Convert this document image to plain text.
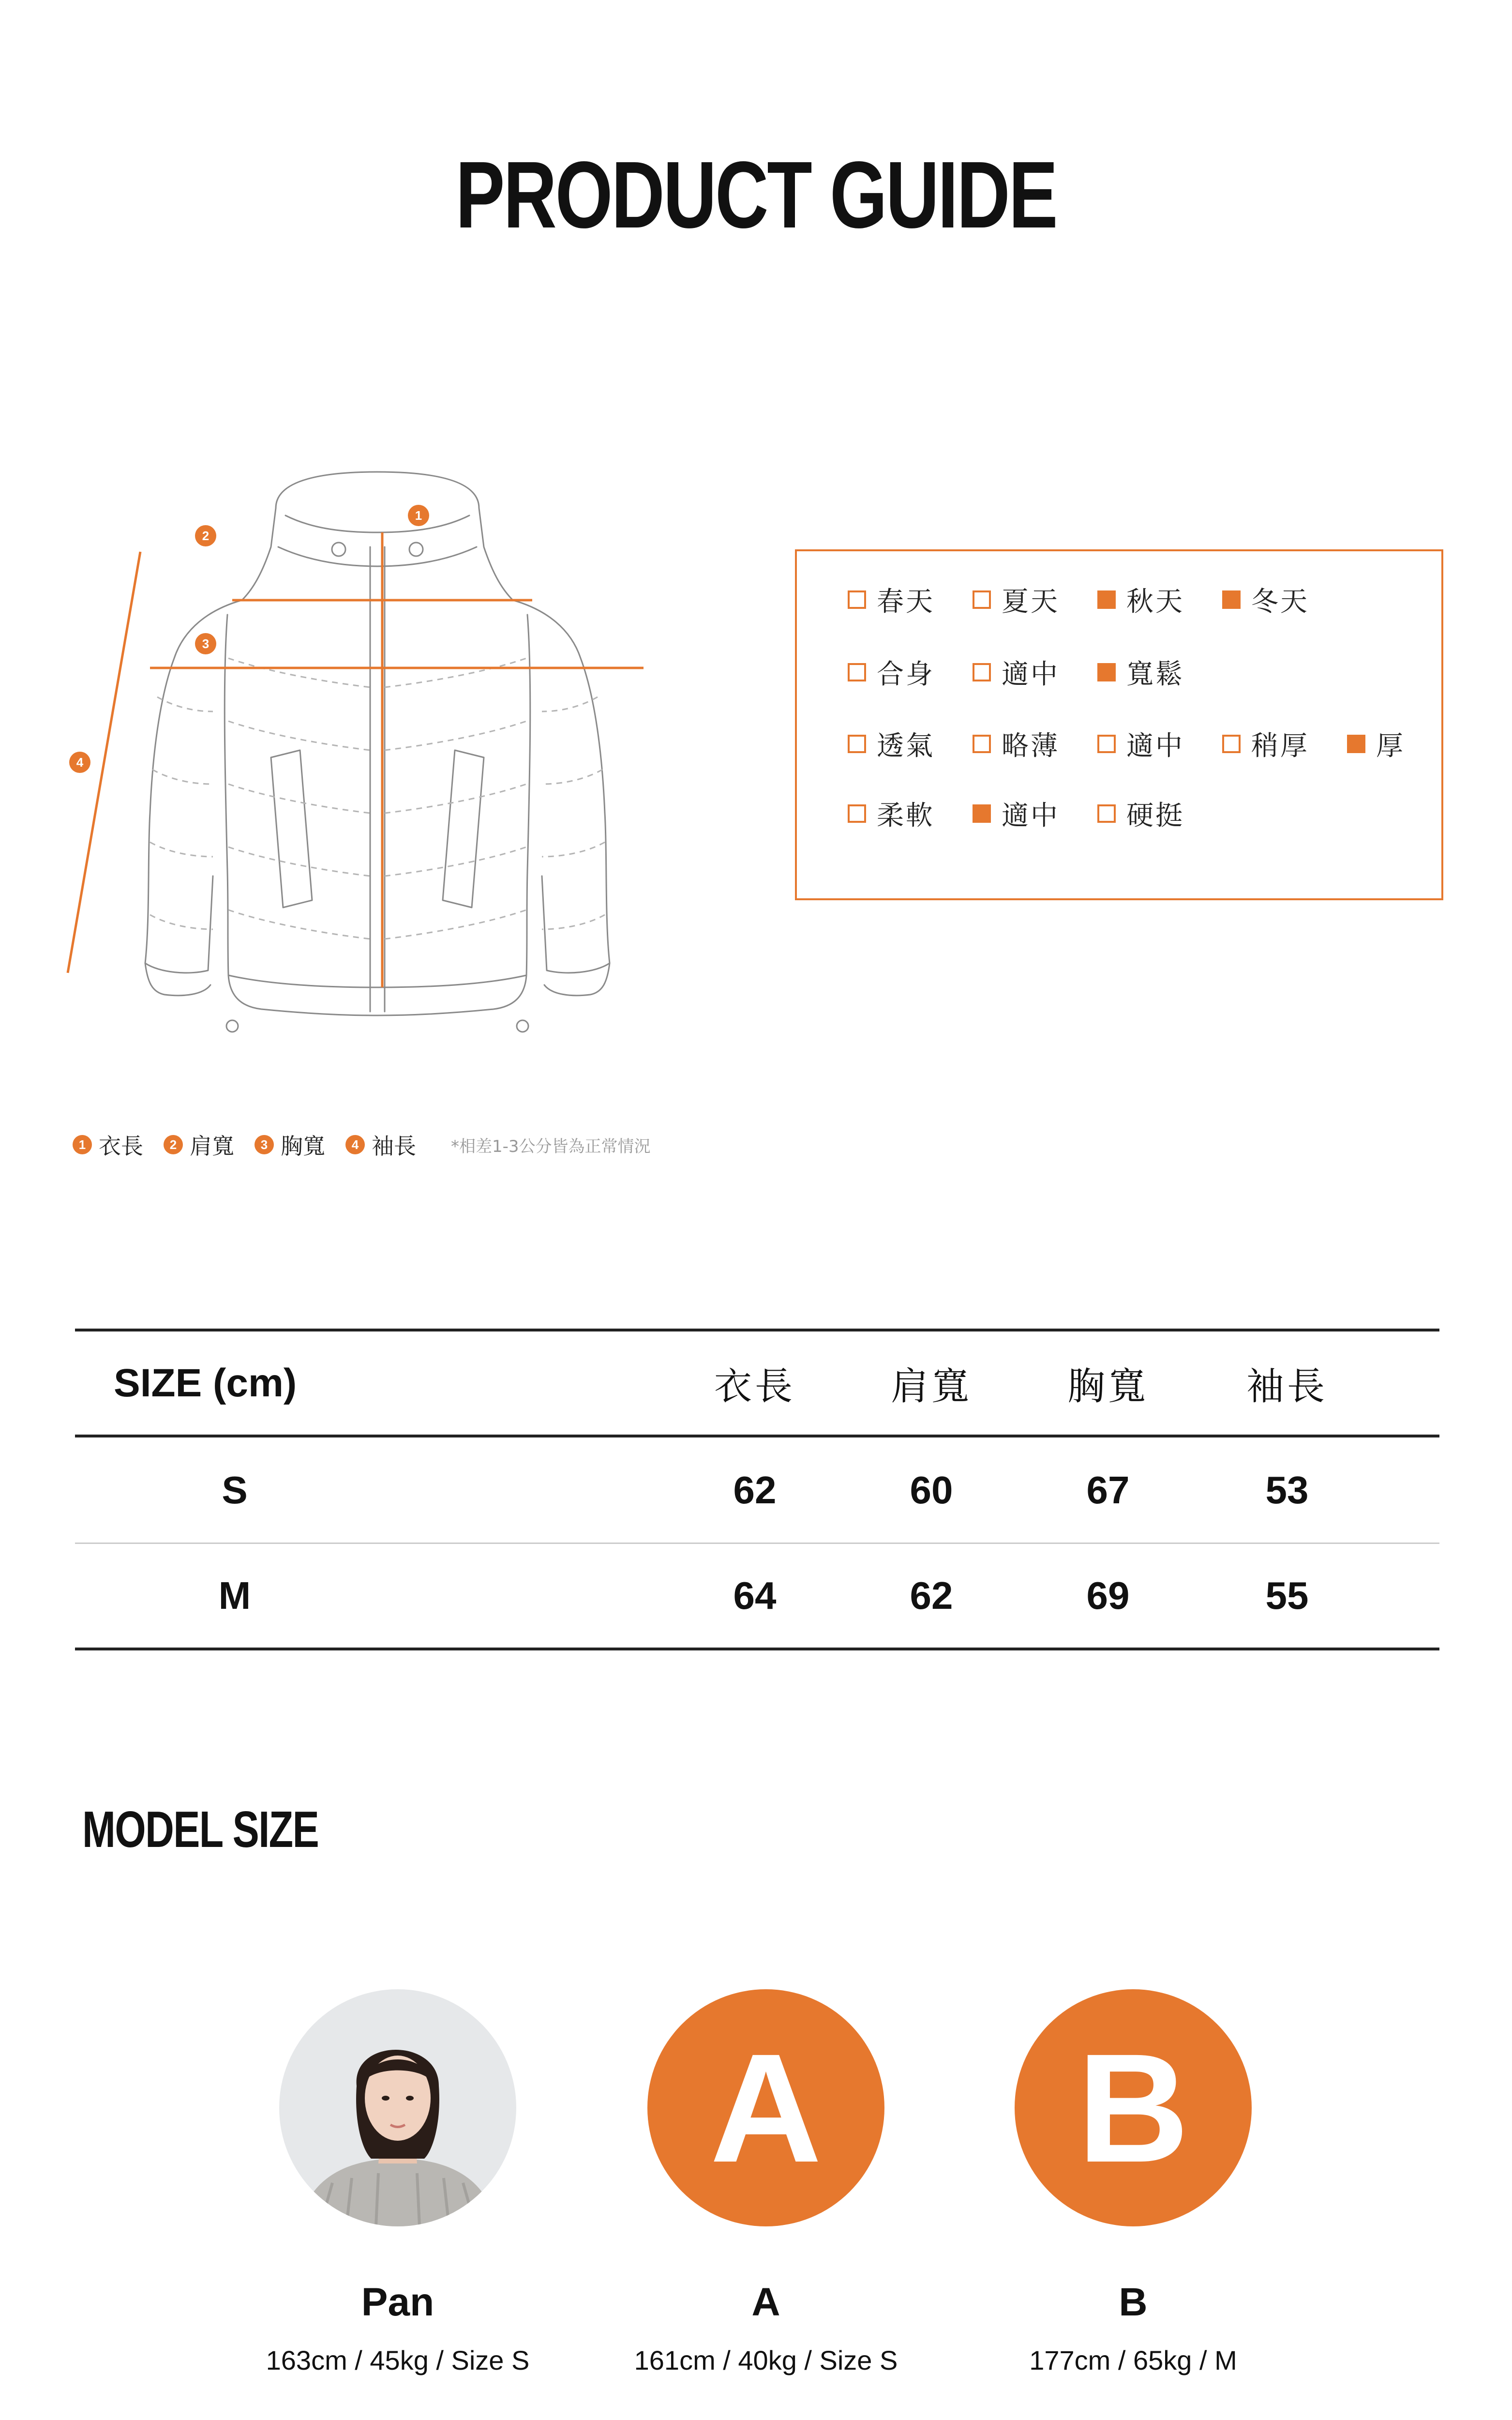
PRODUCT GUIDE
1
2
3
4
春天 夏天 秋天 冬天
合身 適中 寬鬆
透氣 略薄 適中 稍厚 厚
柔軟 適中 硬挺
1 衣長	2 肩寬	3 胸寬	4 袖長 *相差1-3公分皆為正常情況
SIZE (cm)	衣長	肩寬	胸寬	袖長
S	62	60	67	53
M	64	62	69	55
MODEL SIZE
Pan
163cm / 45kg / Size S
A
A
161cm / 40kg / Size S
B
B
177cm / 65kg / M
